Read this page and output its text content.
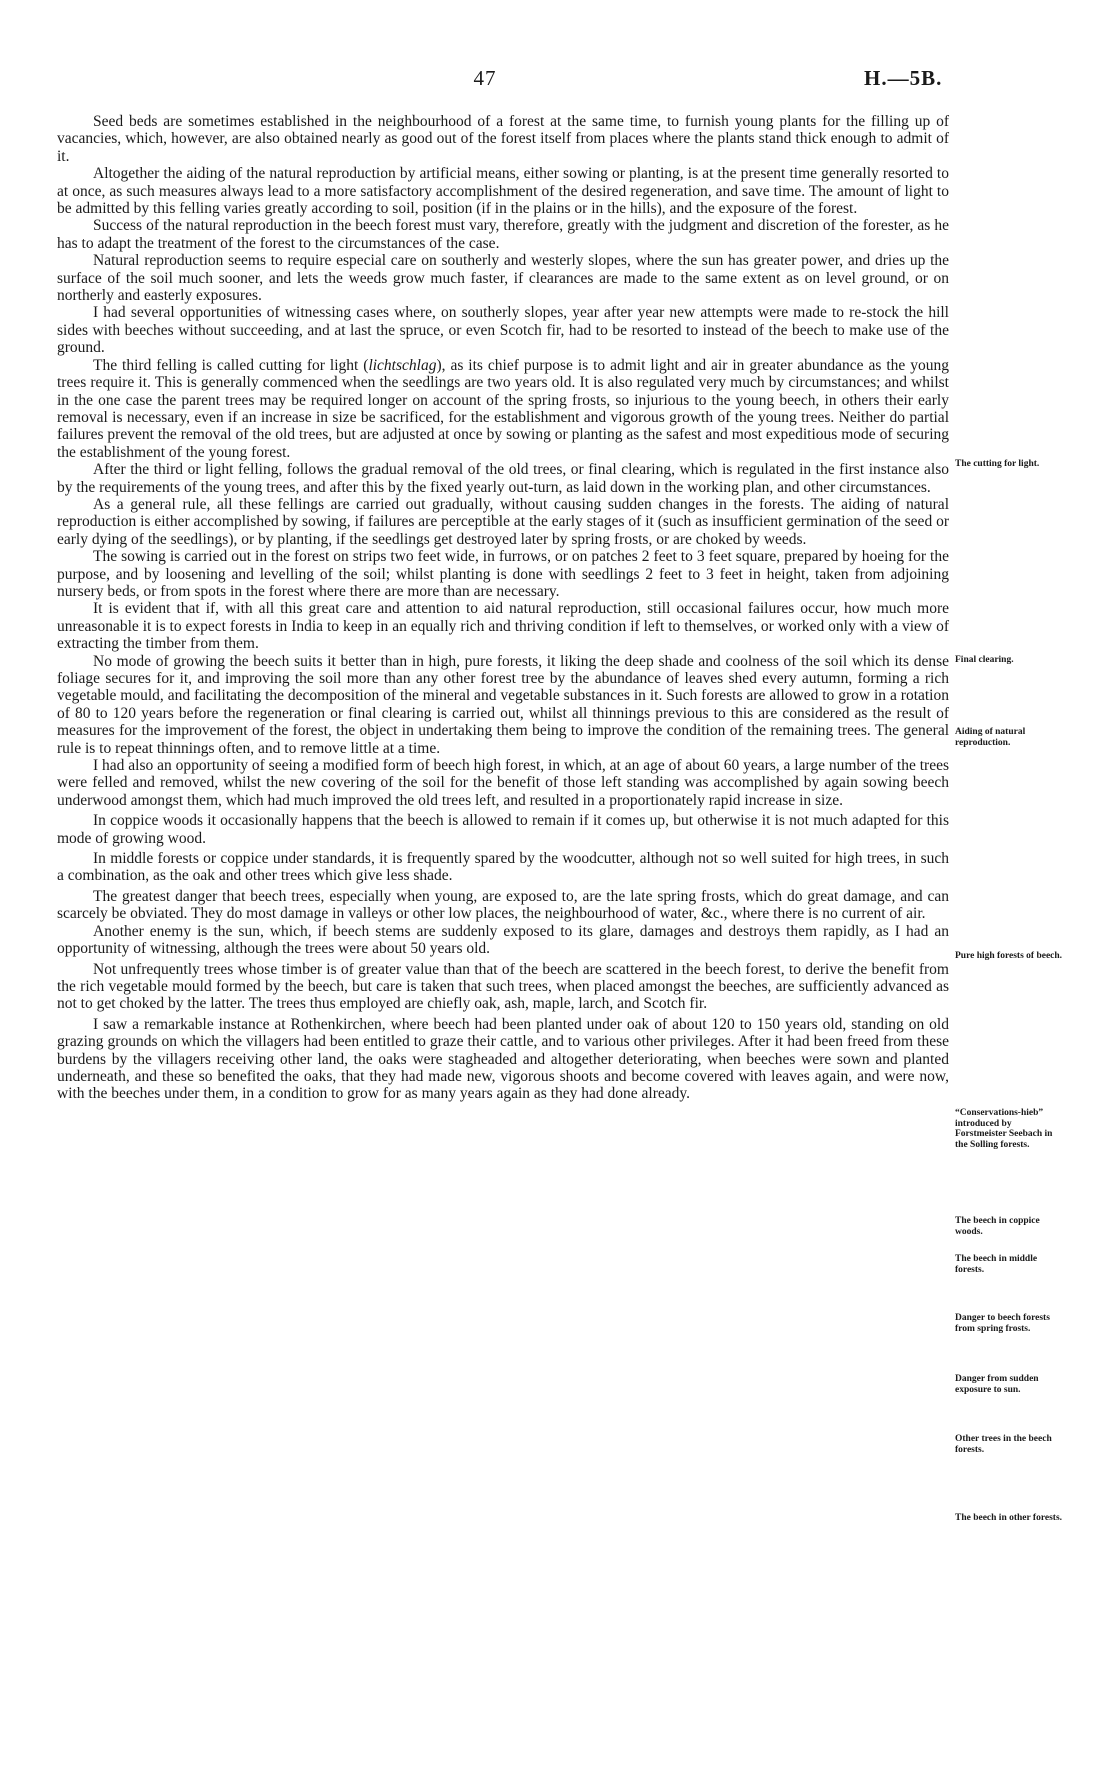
47	H.—5B.

Seed beds are sometimes established in the neighbourhood of a forest at the same time, to furnish young plants for the filling up of vacancies, which, however, are also obtained nearly as good out of the forest itself from places where the plants stand thick enough to admit of it.

Altogether the aiding of the natural reproduction by artificial means, either sowing or planting, is at the present time generally resorted to at once, as such measures always lead to a more satisfactory accomplishment of the desired regeneration, and save time. The amount of light to be admitted by this felling varies greatly according to soil, position (if in the plains or in the hills), and the exposure of the forest.

Success of the natural reproduction in the beech forest must vary, therefore, greatly with the judgment and discretion of the forester, as he has to adapt the treatment of the forest to the circumstances of the case.

Natural reproduction seems to require especial care on southerly and westerly slopes, where the sun has greater power, and dries up the surface of the soil much sooner, and lets the weeds grow much faster, if clearances are made to the same extent as on level ground, or on northerly and easterly exposures.

I had several opportunities of witnessing cases where, on southerly slopes, year after year new attempts were made to re-stock the hill sides with beeches without succeeding, and at last the spruce, or even Scotch fir, had to be resorted to instead of the beech to make use of the ground.

The third felling is called cutting for light (lichtschlag), as its chief purpose is to admit light and air in greater abundance as the young trees require it. This is generally commenced when the seedlings are two years old. It is also regulated very much by circumstances; and whilst in the one case the parent trees may be required longer on account of the spring frosts, so injurious to the young beech, in others their early removal is necessary, even if an increase in size be sacrificed, for the establishment and vigorous growth of the young trees. Neither do partial failures prevent the removal of the old trees, but are adjusted at once by sowing or planting as the safest and most expeditious mode of securing the establishment of the young forest.

After the third or light felling, follows the gradual removal of the old trees, or final clearing, which is regulated in the first instance also by the requirements of the young trees, and after this by the fixed yearly out-turn, as laid down in the working plan, and other circumstances.

As a general rule, all these fellings are carried out gradually, without causing sudden changes in the forests. The aiding of natural reproduction is either accomplished by sowing, if failures are perceptible at the early stages of it (such as insufficient germination of the seed or early dying of the seedlings), or by planting, if the seedlings get destroyed later by spring frosts, or are choked by weeds.

The sowing is carried out in the forest on strips two feet wide, in furrows, or on patches 2 feet to 3 feet square, prepared by hoeing for the purpose, and by loosening and levelling of the soil; whilst planting is done with seedlings 2 feet to 3 feet in height, taken from adjoining nursery beds, or from spots in the forest where there are more than are necessary.

It is evident that if, with all this great care and attention to aid natural reproduction, still occasional failures occur, how much more unreasonable it is to expect forests in India to keep in an equally rich and thriving condition if left to themselves, or worked only with a view of extracting the timber from them.

No mode of growing the beech suits it better than in high, pure forests, it liking the deep shade and coolness of the soil which its dense foliage secures for it, and improving the soil more than any other forest tree by the abundance of leaves shed every autumn, forming a rich vegetable mould, and facilitating the decomposition of the mineral and vegetable substances in it. Such forests are allowed to grow in a rotation of 80 to 120 years before the regeneration or final clearing is carried out, whilst all thinnings previous to this are considered as the result of measures for the improvement of the forest, the object in undertaking them being to improve the condition of the remaining trees. The general rule is to repeat thinnings often, and to remove little at a time.

I had also an opportunity of seeing a modified form of beech high forest, in which, at an age of about 60 years, a large number of the trees were felled and removed, whilst the new covering of the soil for the benefit of those left standing was accomplished by again sowing beech underwood amongst them, which had much improved the old trees left, and resulted in a proportionately rapid increase in size.

In coppice woods it occasionally happens that the beech is allowed to remain if it comes up, but otherwise it is not much adapted for this mode of growing wood.

In middle forests or coppice under standards, it is frequently spared by the woodcutter, although not so well suited for high trees, in such a combination, as the oak and other trees which give less shade.

The greatest danger that beech trees, especially when young, are exposed to, are the late spring frosts, which do great damage, and can scarcely be obviated. They do most damage in valleys or other low places, the neighbourhood of water, &c., where there is no current of air.

Another enemy is the sun, which, if beech stems are suddenly exposed to its glare, damages and destroys them rapidly, as I had an opportunity of witnessing, although the trees were about 50 years old.

Not unfrequently trees whose timber is of greater value than that of the beech are scattered in the beech forest, to derive the benefit from the rich vegetable mould formed by the beech, but care is taken that such trees, when placed amongst the beeches, are sufficiently advanced as not to get choked by the latter. The trees thus employed are chiefly oak, ash, maple, larch, and Scotch fir.

I saw a remarkable instance at Rothenkirchen, where beech had been planted under oak of about 120 to 150 years old, standing on old grazing grounds on which the villagers had been entitled to graze their cattle, and to various other privileges. After it had been freed from these burdens by the villagers receiving other land, the oaks were stagheaded and altogether deteriorating, when beeches were sown and planted underneath, and these so benefited the oaks, that they had made new, vigorous shoots and become covered with leaves again, and were now, with the beeches under them, in a condition to grow for as many years again as they had done already.

The cutting for light.
Final clearing.
Aiding of natural reproduction.
Pure high forests of beech.
“Conservations-hieb” introduced by Forstmeister Seebach in the Solling forests.
The beech in coppice woods.
The beech in middle forests.
Danger to beech forests from spring frosts.
Danger from sudden exposure to sun.
Other trees in the beech forests.
The beech in other forests.
